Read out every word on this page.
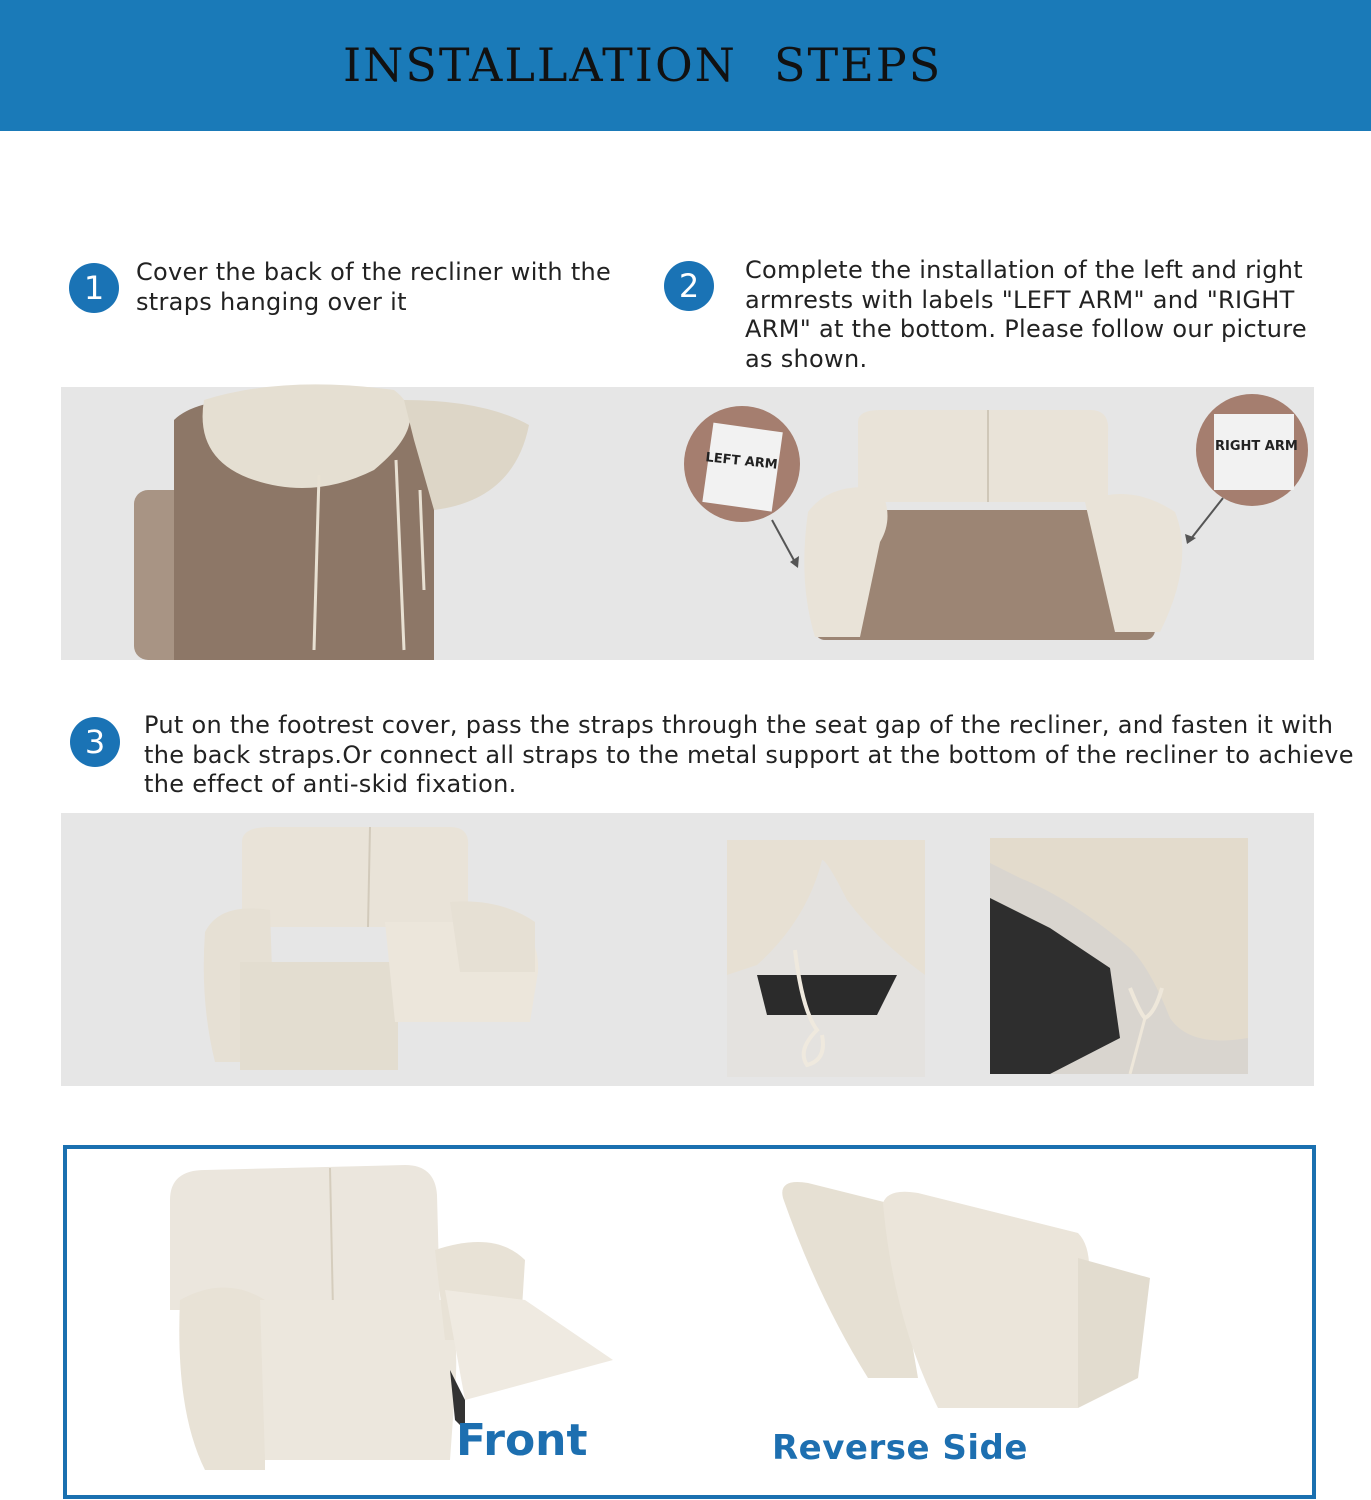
INSTALLATION STEPS
1	Cover the back of the recliner with the
straps hanging over it	2	Complete the installation of the left and right
armrests with labels "LEFT ARM" and "RIGHT
ARM" at the bottom. Please follow our picture
as shown.
LEFT ARM
RIGHT ARM
3	Put on the footrest cover, pass the straps through the seat gap of the recliner, and fasten it with
the back straps.Or connect all straps to the metal support at the bottom of the recliner to achieve
the effect of anti-skid fixation.
Front	Reverse Side
